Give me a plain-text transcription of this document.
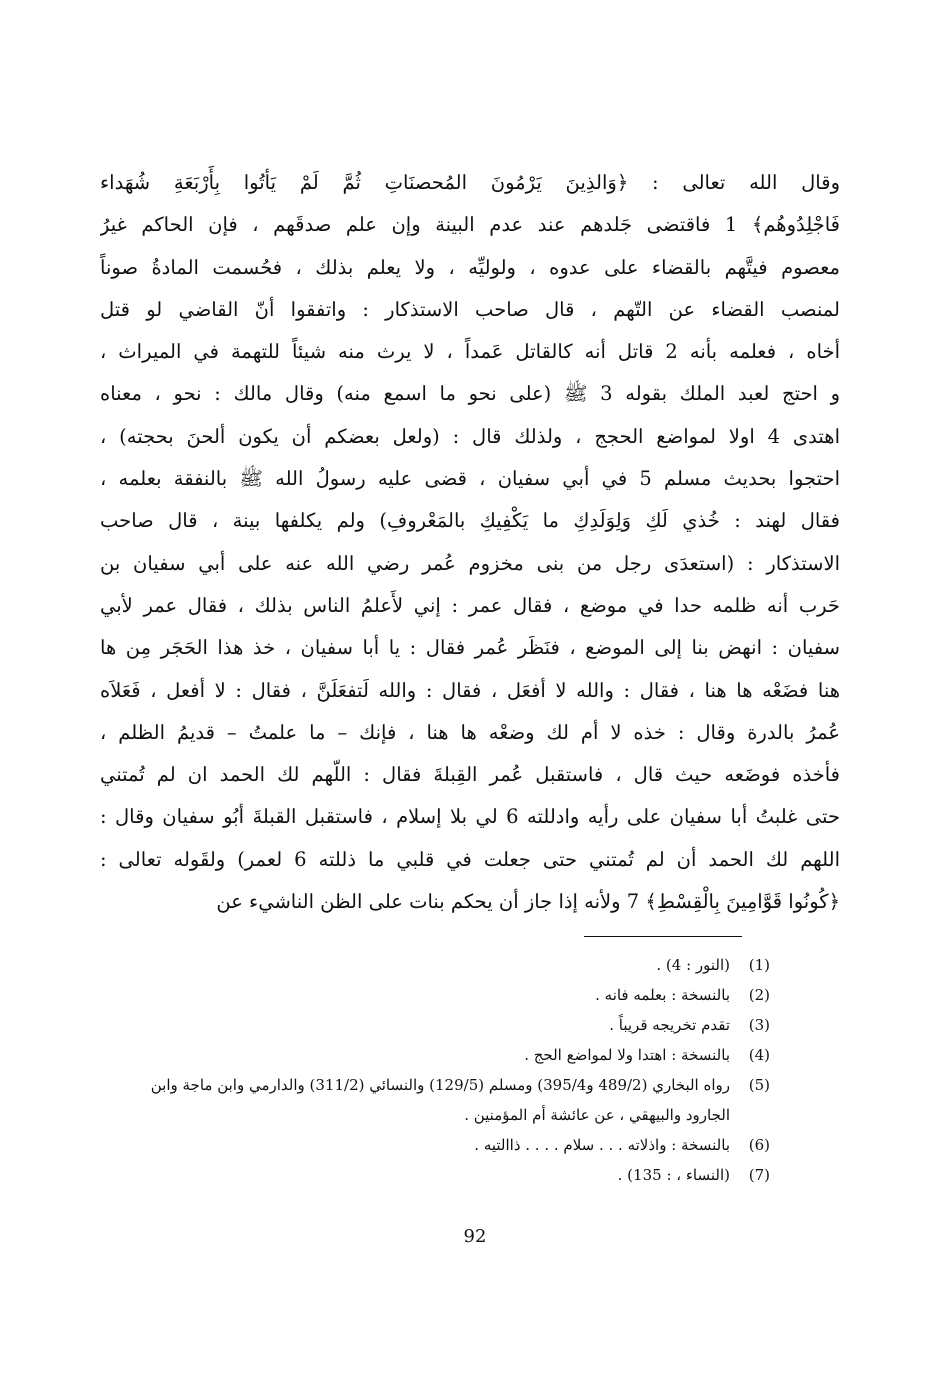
وقال الله تعالى : ﴿وَالذِينَ يَرْمُونَ المُحصنَاتِ ثُمَّ لَمْ يَأتُوا بِأَرْبَعَةِ شُهَداء
فَاجْلِدُوهُم﴾ 1 فاقتضى جَلدهم عند عدم البينة وإن علم صدقَهم ، فإن الحاكم غيرُ
معصوم فيتَّهم بالقضاء على عدوه ، ولوليِّه ، ولا يعلم بذلك ، فحُسمت المادةُ صوناً
لمنصب القضاء عن التّهم ، قال صاحب الاستذكار : واتفقوا أنّ القاضي لو قتل
أخاه ، فعلمه بأنه 2 قاتل أنه كالقاتل عَمداً ، لا يرث منه شيئاً للتهمة في الميراث ،
و احتج لعبد الملك بقوله 3 ﷺ (على نحو ما اسمع منه) وقال مالك : نحو ، معناه
اهتدى 4 اولا لمواضع الحجج ، ولذلك قال : (ولعل بعضكم أن يكون ألحنَ بحجته) ،
احتجوا بحديث مسلم 5 في أبي سفيان ، قضى عليه رسولُ الله ﷺ بالنفقة بعلمه ،
فقال لهند : خُذي لَكِ وَلِوَلَدِكِ ما يَكْفِيكِ بالمَعْروفِ) ولم يكلفها بينة ، قال صاحب
الاستذكار : (استعدَى رجل من بنى مخزوم عُمر رضي الله عنه على أبي سفيان بن
حَرب أنه ظلمه حدا في موضع ، فقال عمر : إني لأَعلمُ الناس بذلك ، فقال عمر لأبي
سفيان : انهض بنا إلى الموضع ، فنَظَر عُمر فقال : يا أبا سفيان ، خذ هذا الحَجَر مِن ها
هنا فضَعْه ها هنا ، فقال : والله لا أفعَل ، فقال : والله لَتفعَلَنَّ ، فقال : لا أفعل ، فَعَلاَه
عُمرُ بالدرة وقال : خذه لا أم لك وضعْه ها هنا ، فإنك – ما علمتُ – قديمُ الظلم ،
فأخذه فوضَعه حيث قال ، فاستقبل عُمر القِبلةَ فقال : اللّهم لك الحمد ان لم تُمتني
حتى غلبتُ أبا سفيان على رأيه وادللته 6 لي بلا إسلام ، فاستقبل القبلةَ أبُو سفيان وقال :
اللهم لك الحمد أن لم تُمتني حتى جعلت في قلبي ما ذللته 6 لعمر) ولقَوله تعالى :
﴿كُونُوا قَوَّامِينَ بِالْقِسْطِ﴾ 7 ولأنه إذا جاز أن يحكم بنات على الظن الناشيء عن
(1)
(النور : 4) .
(2)
بالنسخة : بعلمه فانه .
(3)
تقدم تخريجه قريباً .
(4)
بالنسخة : اهتدا ولا لمواضع الحج .
(5)
رواه البخاري (489/2 و395/4) ومسلم (129/5) والنسائي (311/2) والدارمي وابن ماجة وابن الجارود والبيهقي ، عن عائشة أم المؤمنين .
(6)
بالنسخة : واذلاته . . . سلام . . . . ذاالتيه .
(7)
(النساء ، : 135) .
92
